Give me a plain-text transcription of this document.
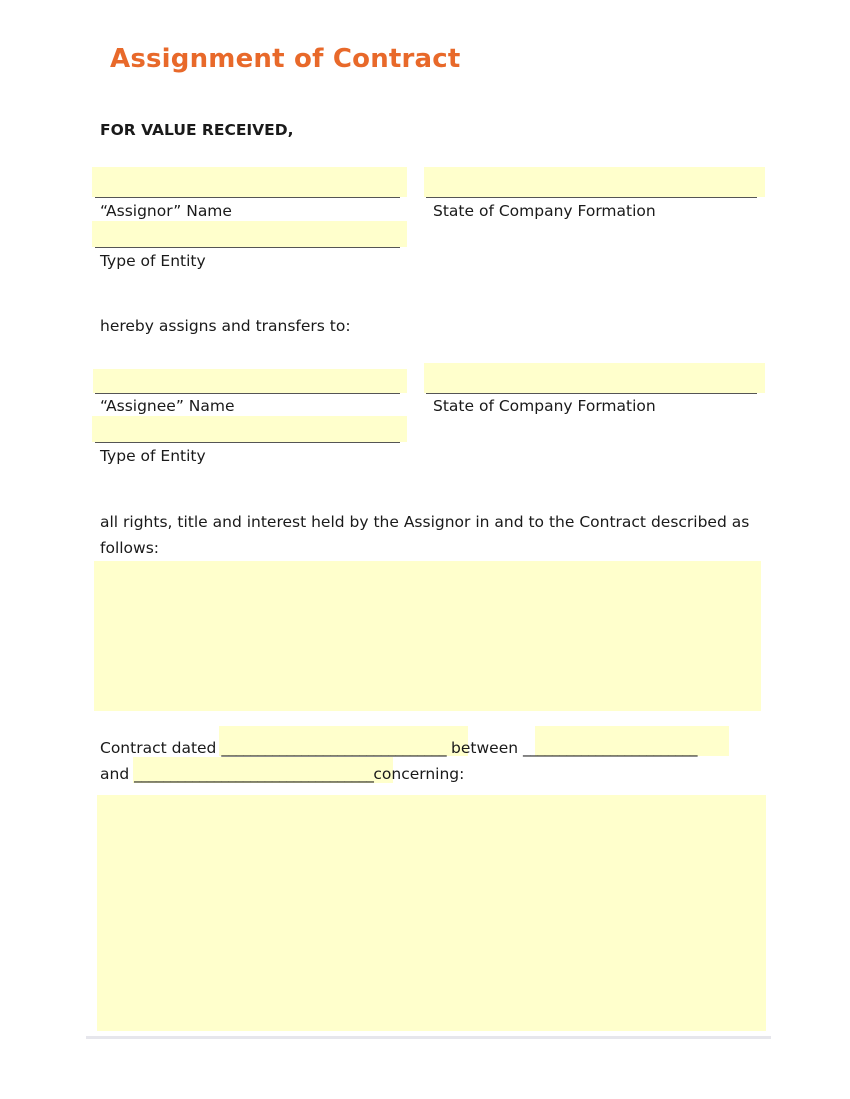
Assignment of Contract
FOR VALUE RECEIVED,
“Assignor” Name	State of Company Formation
Type of Entity
hereby assigns and transfers to:
“Assignee” Name	State of Company Formation
Type of Entity
all rights, title and interest held by the Assignor in and to the Contract described as
follows:
Contract dated _______________________________ between ________________________
and _________________________________concerning:
